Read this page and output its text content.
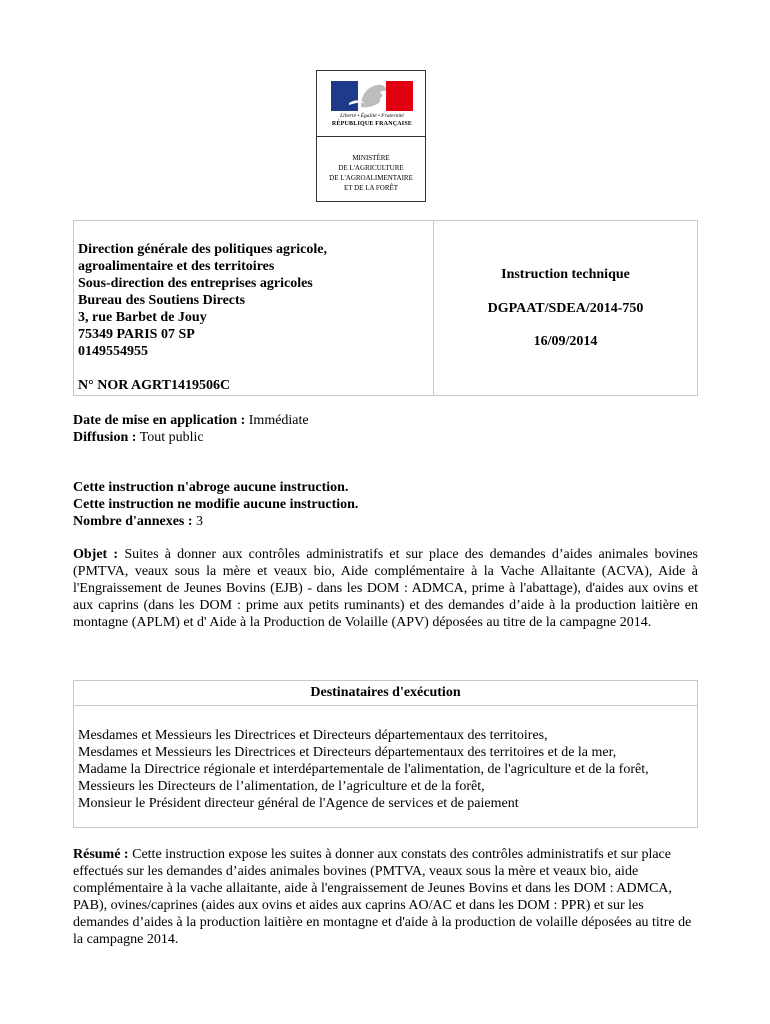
Liberté • Égalité • Fraternité
RÉPUBLIQUE FRANÇAISE
MINISTÈRE
DE L'AGRICULTURE
DE L'AGROALIMENTAIRE
ET DE LA FORÊT
Direction générale des politiques agricole,
agroalimentaire et des territoires
Sous-direction des entreprises agricoles
Bureau des Soutiens Directs
3, rue Barbet de Jouy
75349 PARIS 07 SP
0149554955
N° NOR AGRT1419506C

Instruction technique
DGPAAT/SDEA/2014-750
16/09/2014
Date de mise en application : Immédiate
Diffusion : Tout public
Cette instruction n'abroge aucune instruction.
Cette instruction ne modifie aucune instruction.
Nombre d'annexes : 3
Objet : Suites à donner aux contrôles administratifs et sur place des demandes d’aides animales bovines (PMTVA, veaux sous la mère et veaux bio, Aide complémentaire à la Vache Allaitante (ACVA), Aide à l'Engraissement de Jeunes Bovins (EJB) - dans les DOM : ADMCA, prime à l'abattage), d'aides aux ovins et aux caprins (dans les DOM : prime aux petits ruminants) et des demandes d’aide à la production laitière en montagne (APLM) et d' Aide à la Production de Volaille (APV) déposées au titre de la campagne 2014.
Destinataires d'exécution
Mesdames et Messieurs les Directrices et Directeurs départementaux des territoires,
Mesdames et Messieurs les Directrices et Directeurs départementaux des territoires et de la mer,
Madame la Directrice régionale et interdépartementale de l'alimentation, de l'agriculture et de la forêt,
Messieurs les Directeurs de l’alimentation, de l’agriculture et de la forêt,
Monsieur le Président directeur général de l'Agence de services et de paiement
Résumé : Cette instruction expose les suites à donner aux constats des contrôles administratifs et sur place effectués sur les demandes d’aides animales bovines (PMTVA, veaux sous la mère et veaux bio, aide complémentaire à la vache allaitante, aide à l'engraissement de Jeunes Bovins et dans les DOM : ADMCA, PAB), ovines/caprines (aides aux ovins et aides aux caprins AO/AC et dans les DOM : PPR) et sur les demandes d’aides à la production laitière en montagne et d'aide à la production de volaille déposées au titre de la campagne 2014.
